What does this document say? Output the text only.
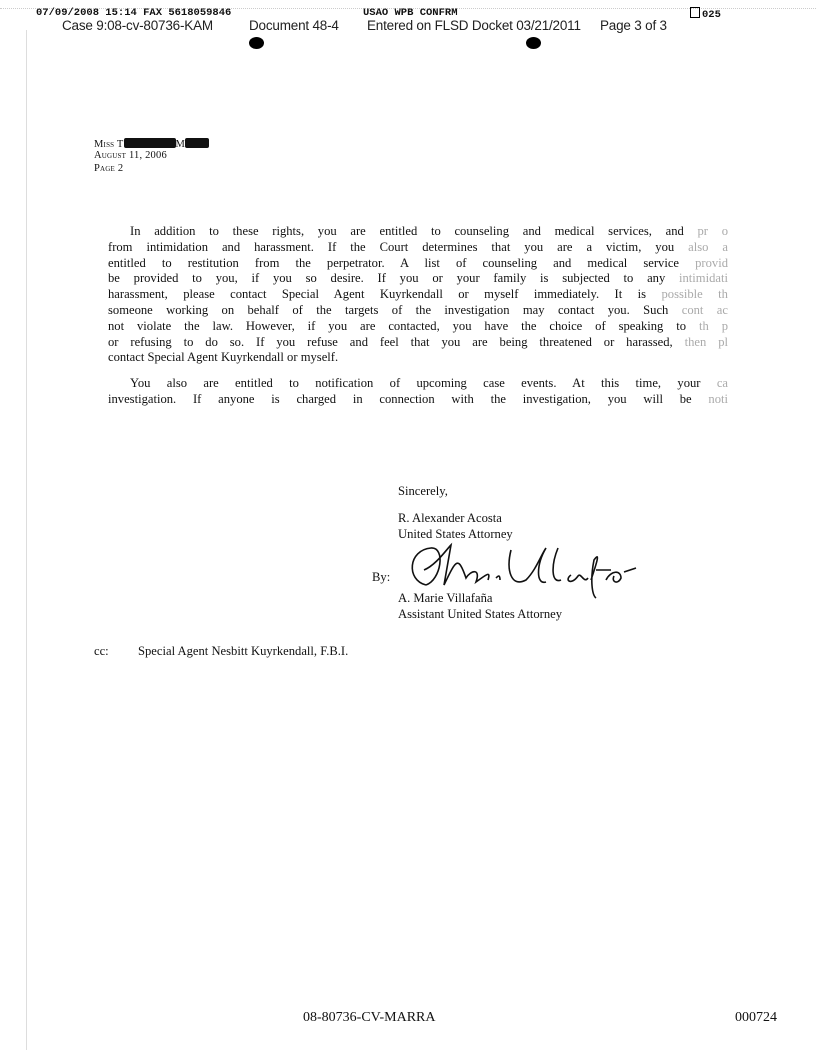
07/09/2008 15:14 FAX 5618059846	USAO WPB CONFRM	025
Case 9:08-cv-80736-KAM	Document 48-4 Entered on FLSD Docket 03/21/2011 Page 3 of 3
Miss T	M
August 11, 2006
Page 2
In addition to these rights, you are entitled to counseling and medical services, and pr o
from intimidation and harassment. If the Court determines that you are a victim, you also a
entitled to restitution from the perpetrator. A list of counseling and medical service provid
be provided to you, if you so desire. If you or your family is subjected to any intimidati
harassment, please contact Special Agent Kuyrkendall or myself immediately. It is possible th
someone working on behalf of the targets of the investigation may contact you. Such cont ac
not violate the law. However, if you are contacted, you have the choice of speaking to th p
or refusing to do so. If you refuse and feel that you are being threatened or harassed, then pl
contact Special Agent Kuyrkendall or myself.
You also are entitled to notification of upcoming case events. At this time, your ca
investigation. If anyone is charged in connection with the investigation, you will be noti
Sincerely,
R. Alexander Acosta
United States Attorney
By:
A. Marie Villafaña
Assistant United States Attorney
cc: Special Agent Nesbitt Kuyrkendall, F.B.I.
08-80736-CV-MARRA	000724
